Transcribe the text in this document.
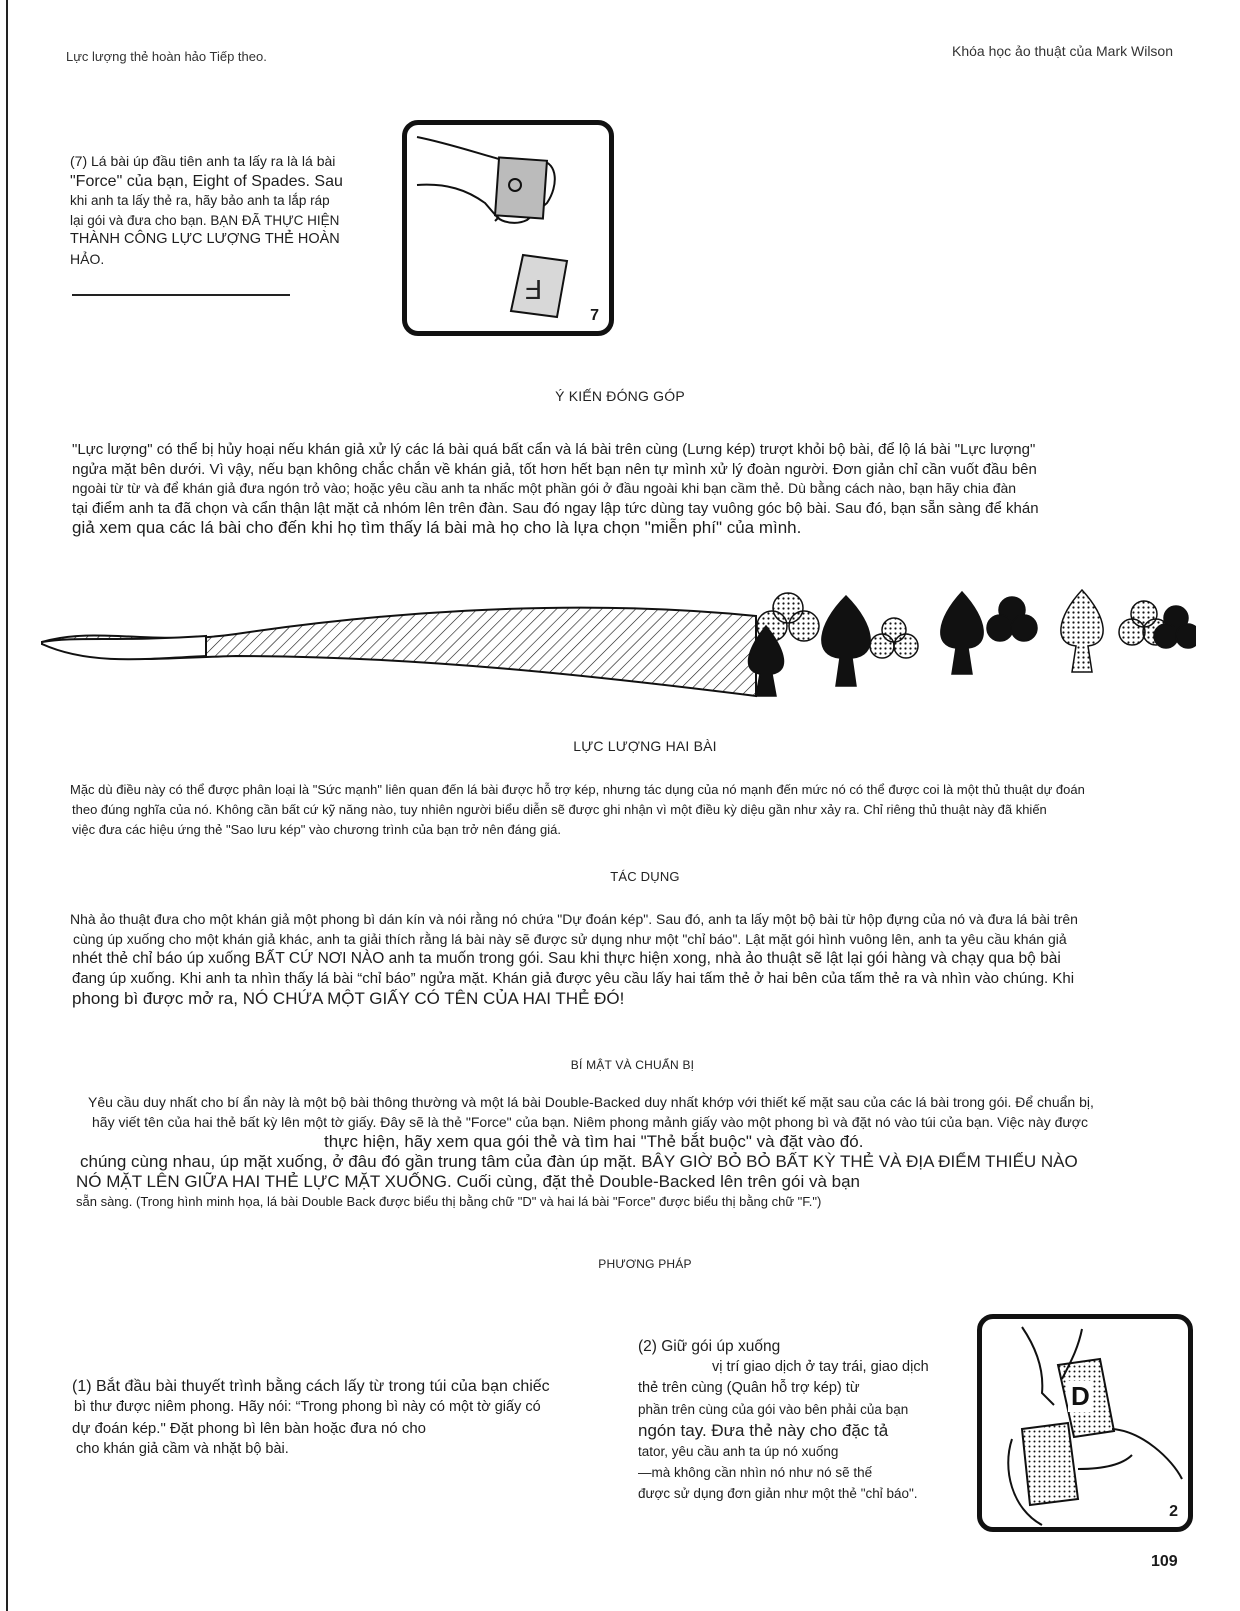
Lực lượng thẻ hoàn hảo Tiếp theo.	Khóa học ảo thuật của Mark Wilson
(7) Lá bài úp đầu tiên anh ta lấy ra là lá bài
"Force" của bạn, Eight of Spades. Sau
khi anh ta lấy thẻ ra, hãy bảo anh ta lắp ráp
lại gói và đưa cho bạn. BẠN ĐÃ THỰC HIỆN
THÀNH CÔNG LỰC LƯỢNG THẺ HOÀN
HẢO.
F
7
Ý KIẾN ĐÓNG GÓP
"Lực lượng" có thể bị hủy hoại nếu khán giả xử lý các lá bài quá bất cẩn và lá bài trên cùng (Lưng kép) trượt khỏi bộ bài, để lộ lá bài "Lực lượng"
ngửa mặt bên dưới. Vì vậy, nếu bạn không chắc chắn về khán giả, tốt hơn hết bạn nên tự mình xử lý đoàn người. Đơn giản chỉ cần vuốt đầu bên
ngoài từ từ và để khán giả đưa ngón trỏ vào; hoặc yêu cầu anh ta nhấc một phần gói ở đầu ngoài khi bạn cầm thẻ. Dù bằng cách nào, bạn hãy chia đàn
tại điểm anh ta đã chọn và cẩn thận lật mặt cả nhóm lên trên đàn. Sau đó ngay lập tức dùng tay vuông góc bộ bài. Sau đó, bạn sẵn sàng để khán
giả xem qua các lá bài cho đến khi họ tìm thấy lá bài mà họ cho là lựa chọn "miễn phí" của mình.
LỰC LƯỢNG HAI BÀI
Mặc dù điều này có thể được phân loại là "Sức mạnh" liên quan đến lá bài được hỗ trợ kép, nhưng tác dụng của nó mạnh đến mức nó có thể được coi là một thủ thuật dự đoán
theo đúng nghĩa của nó. Không cần bất cứ kỹ năng nào, tuy nhiên người biểu diễn sẽ được ghi nhận vì một điều kỳ diệu gần như xảy ra. Chỉ riêng thủ thuật này đã khiến
việc đưa các hiệu ứng thẻ "Sao lưu kép" vào chương trình của bạn trở nên đáng giá.
TÁC DỤNG
Nhà ảo thuật đưa cho một khán giả một phong bì dán kín và nói rằng nó chứa "Dự đoán kép". Sau đó, anh ta lấy một bộ bài từ hộp đựng của nó và đưa lá bài trên
cùng úp xuống cho một khán giả khác, anh ta giải thích rằng lá bài này sẽ được sử dụng như một "chỉ báo". Lật mặt gói hình vuông lên, anh ta yêu cầu khán giả
nhét thẻ chỉ báo úp xuống BẤT CỨ NƠI NÀO anh ta muốn trong gói. Sau khi thực hiện xong, nhà ảo thuật sẽ lật lại gói hàng và chạy qua bộ bài
đang úp xuống. Khi anh ta nhìn thấy lá bài “chỉ báo” ngửa mặt. Khán giả được yêu cầu lấy hai tấm thẻ ở hai bên của tấm thẻ ra và nhìn vào chúng. Khi
phong bì được mở ra, NÓ CHỨA MỘT GIẤY CÓ TÊN CỦA HAI THẺ ĐÓ!
BÍ MẬT VÀ CHUẨN BỊ
Yêu cầu duy nhất cho bí ẩn này là một bộ bài thông thường và một lá bài Double-Backed duy nhất khớp với thiết kế mặt sau của các lá bài trong gói. Để chuẩn bị,
hãy viết tên của hai thẻ bất kỳ lên một tờ giấy. Đây sẽ là thẻ "Force" của bạn. Niêm phong mảnh giấy vào một phong bì và đặt nó vào túi của bạn. Việc này được
thực hiện, hãy xem qua gói thẻ và tìm hai "Thẻ bắt buộc" và đặt vào đó.
chúng cùng nhau, úp mặt xuống, ở đâu đó gần trung tâm của đàn úp mặt. BÂY GIỜ BỎ BỎ BẤT KỲ THẺ VÀ ĐỊA ĐIỂM THIẾU NÀO
NÓ MẶT LÊN GIỮA HAI THẺ LỰC MẶT XUỐNG. Cuối cùng, đặt thẻ Double-Backed lên trên gói và bạn
sẵn sàng. (Trong hình minh họa, lá bài Double Back được biểu thị bằng chữ "D" và hai lá bài "Force" được biểu thị bằng chữ "F.")
PHƯƠNG PHÁP
(1) Bắt đầu bài thuyết trình bằng cách lấy từ trong túi của bạn chiếc
bì thư được niêm phong. Hãy nói: “Trong phong bì này có một tờ giấy có
dự đoán kép." Đặt phong bì lên bàn hoặc đưa nó cho
cho khán giả cầm và nhặt bộ bài.
(2) Giữ gói úp xuống
vị trí giao dịch ở tay trái, giao dịch
thẻ trên cùng (Quân hỗ trợ kép) từ
phần trên cùng của gói vào bên phải của bạn
ngón tay. Đưa thẻ này cho đặc tả
tator, yêu cầu anh ta úp nó xuống
—mà không cần nhìn nó như nó sẽ thế
được sử dụng đơn giản như một thẻ "chỉ báo".
D
2
109
